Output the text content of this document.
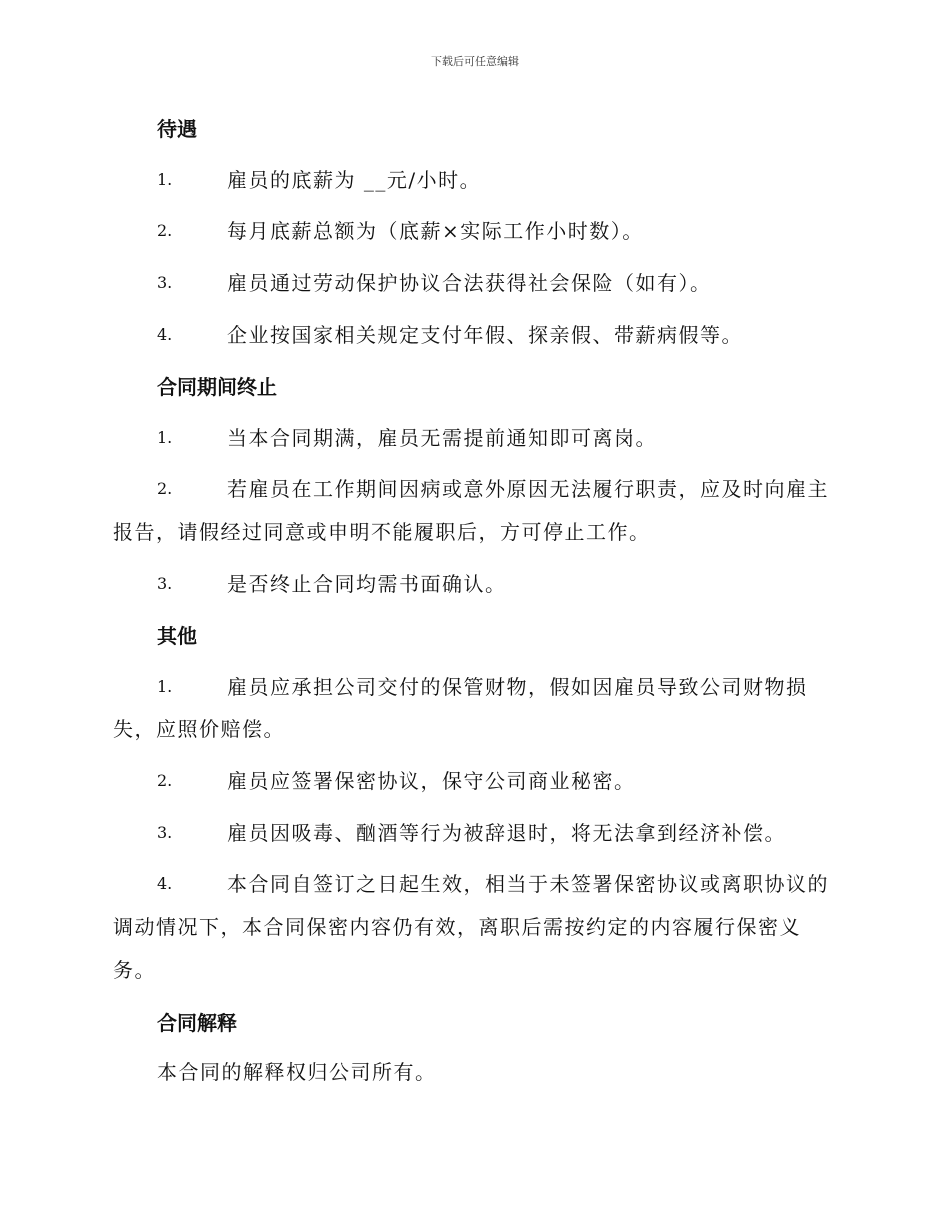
下载后可任意编辑
待遇
1.	雇员的底薪为 __元/小时。
2.	每月底薪总额为（底薪×实际工作小时数）。
3.	雇员通过劳动保护协议合法获得社会保险（如有）。
4.	企业按国家相关规定支付年假、探亲假、带薪病假等。
合同期间终止
1.	当本合同期满，雇员无需提前通知即可离岗。
2.	若雇员在工作期间因病或意外原因无法履行职责，应及时向雇主
报告，请假经过同意或申明不能履职后，方可停止工作。
3.	是否终止合同均需书面确认。
其他
1.	雇员应承担公司交付的保管财物，假如因雇员导致公司财物损
失，应照价赔偿。
2.	雇员应签署保密协议，保守公司商业秘密。
3.	雇员因吸毒、酗酒等行为被辞退时，将无法拿到经济补偿。
4.	本合同自签订之日起生效，相当于未签署保密协议或离职协议的
调动情况下，本合同保密内容仍有效，离职后需按约定的内容履行保密义
务。
合同解释
本合同的解释权归公司所有。
